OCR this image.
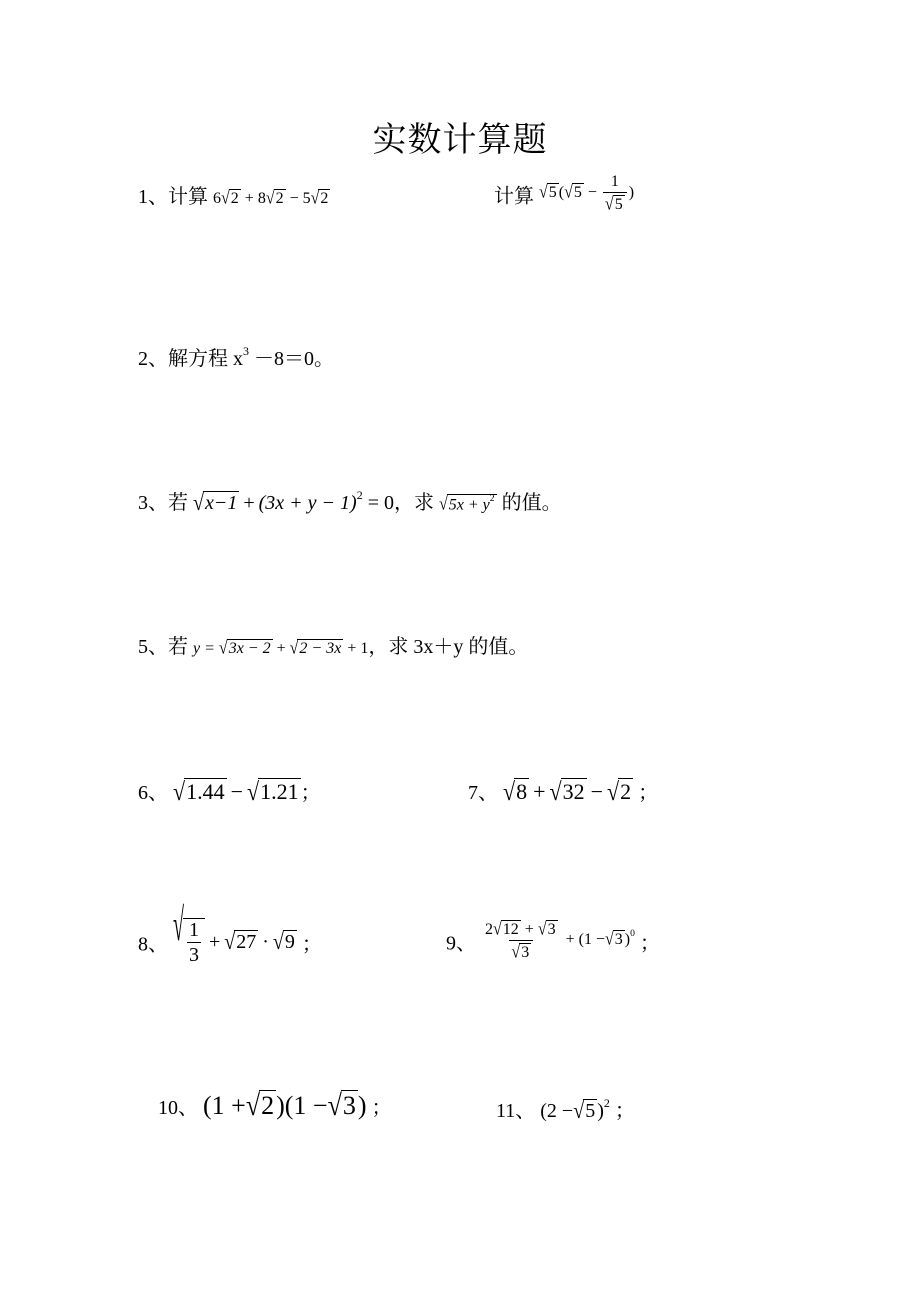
实数计算题
1、计算 6√2 + 8√2 − 5√2	计算 √5 ($√5 - \frac{1}{√5}$ )
2、解方程 $x^3 -8=0$。
3、若 $√x-1 + (3x + y - 1)^2 = 0$，求 $√5x + y^2$ 的值。
5、若 y = √3x − 2 + √2 − 3x + 1，求 3x＋y 的值。
6、 √1.44 − √1.21 ；	7、 √8 + √32 − √2 ；
8、 √ $\frac{1}{3} + √27 \cdot √9$ ；	9、 $\frac{2√12 + √3}{√3} + (1 -√3$ )$^0$ ；
10、 (1 +√2)(1 −√3) ；	11、 (2 −√5 )$^2$ ；
